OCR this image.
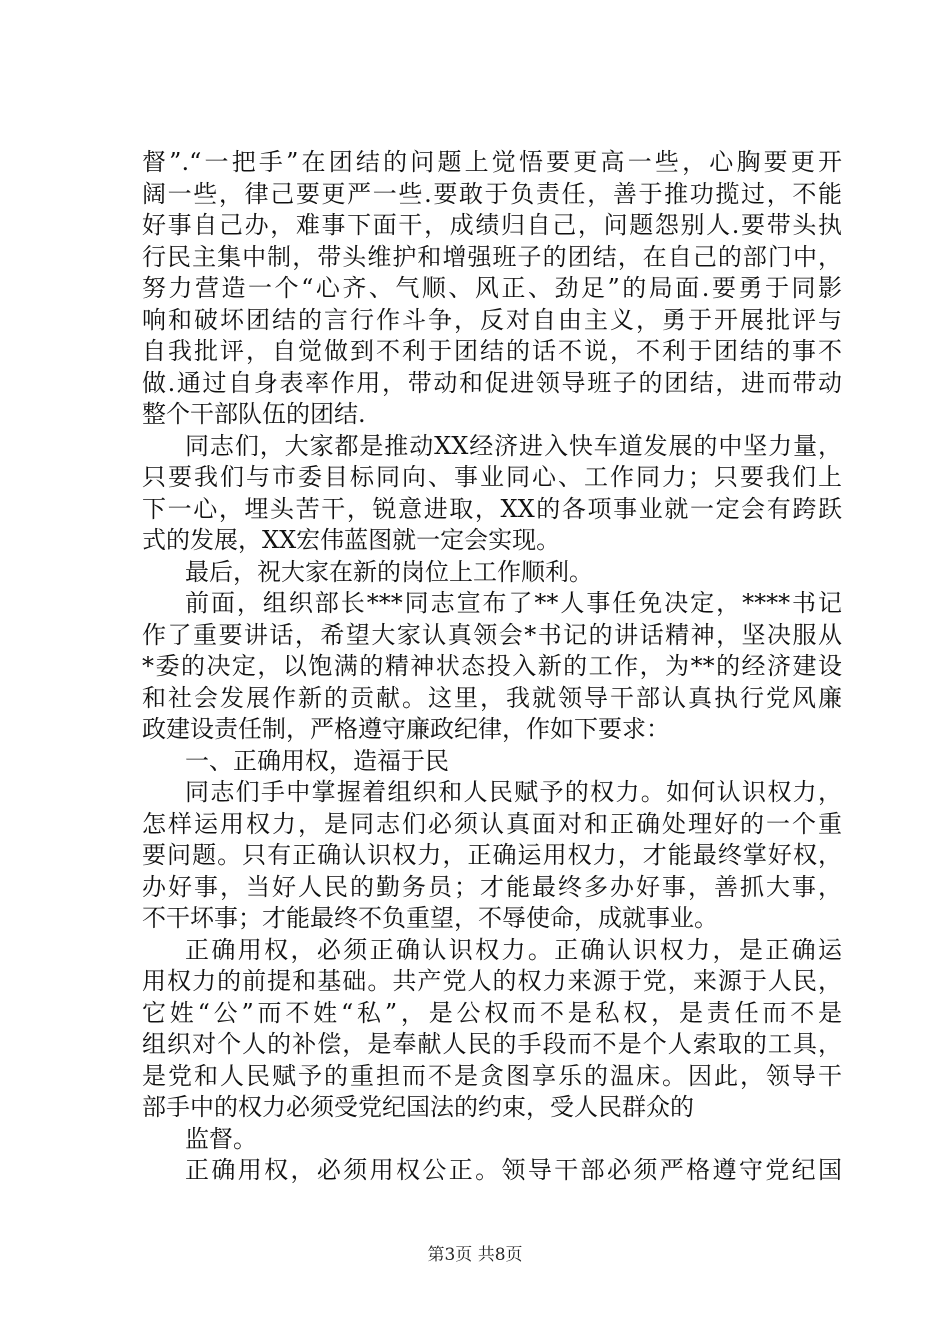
督”.“一把手”在团结的问题上觉悟要更高一些，心胸要更开
阔一些，律己要更严一些.要敢于负责任，善于推功揽过，不能
好事自己办，难事下面干，成绩归自己，问题怨别人.要带头执
行民主集中制，带头维护和增强班子的团结，在自己的部门中，
努力营造一个“心齐、气顺、风正、劲足”的局面.要勇于同影
响和破坏团结的言行作斗争，反对自由主义，勇于开展批评与
自我批评，自觉做到不利于团结的话不说，不利于团结的事不
做.通过自身表率作用，带动和促进领导班子的团结，进而带动
整个干部队伍的团结.
同志们，大家都是推动XX经济进入快车道发展的中坚力量，
只要我们与市委目标同向、事业同心、工作同力；只要我们上
下一心，埋头苦干，锐意进取，XX的各项事业就一定会有跨跃
式的发展，XX宏伟蓝图就一定会实现。
最后，祝大家在新的岗位上工作顺利。
前面，组织部长***同志宣布了**人事任免决定，****书记
作了重要讲话，希望大家认真领会*书记的讲话精神，坚决服从
*委的决定，以饱满的精神状态投入新的工作，为**的经济建设
和社会发展作新的贡献。这里，我就领导干部认真执行党风廉
政建设责任制，严格遵守廉政纪律，作如下要求：
一、正确用权，造福于民
同志们手中掌握着组织和人民赋予的权力。如何认识权力，
怎样运用权力，是同志们必须认真面对和正确处理好的一个重
要问题。只有正确认识权力，正确运用权力，才能最终掌好权，
办好事，当好人民的勤务员；才能最终多办好事，善抓大事，
不干坏事；才能最终不负重望，不辱使命，成就事业。
正确用权，必须正确认识权力。正确认识权力，是正确运
用权力的前提和基础。共产党人的权力来源于党，来源于人民，
它姓“公”而不姓“私”，是公权而不是私权，是责任而不是
组织对个人的补偿，是奉献人民的手段而不是个人索取的工具，
是党和人民赋予的重担而不是贪图享乐的温床。因此，领导干
部手中的权力必须受党纪国法的约束，受人民群众的
监督。
正确用权，必须用权公正。领导干部必须严格遵守党纪国
第3页 共8页
